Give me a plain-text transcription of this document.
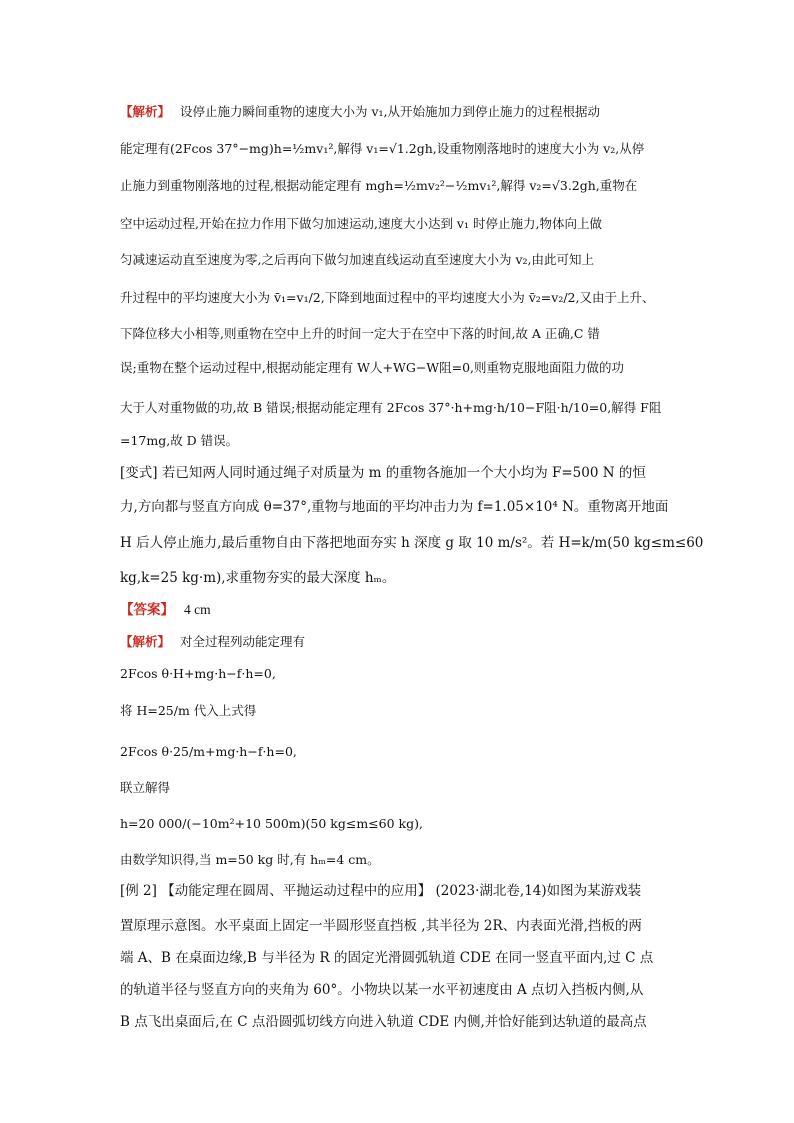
【解析】 设停止施力瞬间重物的速度大小为 v₁,从开始施加力到停止施力的过程根据动
能定理有(2Fcos 37°−mg)h=½mv₁²,解得 v₁=√1.2gh,设重物刚落地时的速度大小为 v₂,从停
止施力到重物刚落地的过程,根据动能定理有 mgh=½mv₂²−½mv₁²,解得 v₂=√3.2gh,重物在
空中运动过程,开始在拉力作用下做匀加速运动,速度大小达到 v₁ 时停止施力,物体向上做
匀减速运动直至速度为零,之后再向下做匀加速直线运动直至速度大小为 v₂,由此可知上
升过程中的平均速度大小为 v̄₁=v₁/2,下降到地面过程中的平均速度大小为 v̄₂=v₂/2,又由于上升、
下降位移大小相等,则重物在空中上升的时间一定大于在空中下落的时间,故 A 正确,C 错
误;重物在整个运动过程中,根据动能定理有 W人+WG−W阻=0,则重物克服地面阻力做的功
大于人对重物做的功,故 B 错误;根据动能定理有 2Fcos 37°·h+mg·h/10−F阻·h/10=0,解得 F阻
=17mg,故 D 错误。
[变式] 若已知两人同时通过绳子对质量为 m 的重物各施加一个大小均为 F=500 N 的恒
力,方向都与竖直方向成 θ=37°,重物与地面的平均冲击力为 f=1.05×10⁴ N。重物离开地面
H 后人停止施力,最后重物自由下落把地面夯实 h 深度 g 取 10 m/s²。若 H=k/m(50 kg≤m≤60
kg,k=25 kg·m),求重物夯实的最大深度 hₘ。
【答案】 4 cm
【解析】 对全过程列动能定理有
2Fcos θ·H+mg·h−f·h=0,
将 H=25/m 代入上式得
2Fcos θ·25/m+mg·h−f·h=0,
联立解得
h=20 000/(−10m²+10 500m)(50 kg≤m≤60 kg),
由数学知识得,当 m=50 kg 时,有 hₘ=4 cm。
[例 2] 【动能定理在圆周、平抛运动过程中的应用】 (2023·湖北卷,14)如图为某游戏装
置原理示意图。水平桌面上固定一半圆形竖直挡板 ,其半径为 2R、内表面光滑,挡板的两
端 A、B 在桌面边缘,B 与半径为 R 的固定光滑圆弧轨道 CDE 在同一竖直平面内,过 C 点
的轨道半径与竖直方向的夹角为 60°。小物块以某一水平初速度由 A 点切入挡板内侧,从
B 点飞出桌面后,在 C 点沿圆弧切线方向进入轨道 CDE 内侧,并恰好能到达轨道的最高点
